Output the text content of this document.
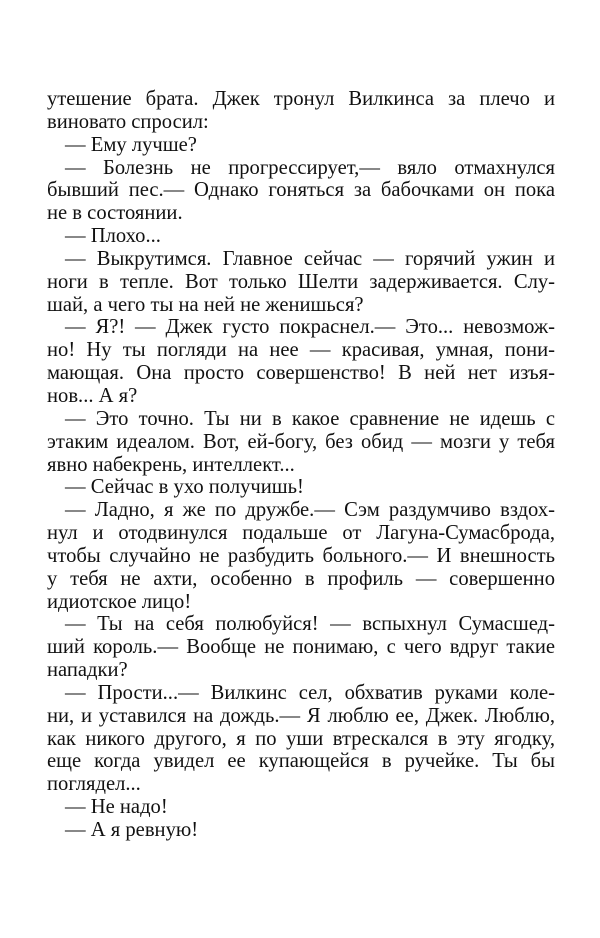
утешение брата. Джек тронул Вилкинса за плечо и
виновато спросил:
— Ему лучше?
— Болезнь не прогрессирует,— вяло отмахнулся
бывший пес.— Однако гоняться за бабочками он пока
не в состоянии.
— Плохо...
— Выкрутимся. Главное сейчас — горячий ужин и
ноги в тепле. Вот только Шелти задерживается. Слу-
шай, а чего ты на ней не женишься?
— Я?! — Джек густо покраснел.— Это... невозмож-
но! Ну ты погляди на нее — красивая, умная, пони-
мающая. Она просто совершенство! В ней нет изъя-
нов... А я?
— Это точно. Ты ни в какое сравнение не идешь с
этаким идеалом. Вот, ей-богу, без обид — мозги у тебя
явно набекрень, интеллект...
— Сейчас в ухо получишь!
— Ладно, я же по дружбе.— Сэм раздумчиво вздох-
нул и отодвинулся подальше от Лагуна-Сумасброда,
чтобы случайно не разбудить больного.— И внешность
у тебя не ахти, особенно в профиль — совершенно
идиотское лицо!
— Ты на себя полюбуйся! — вспыхнул Сумасшед-
ший король.— Вообще не понимаю, с чего вдруг такие
нападки?
— Прости...— Вилкинс сел, обхватив руками коле-
ни, и уставился на дождь.— Я люблю ее, Джек. Люблю,
как никого другого, я по уши втрескался в эту ягодку,
еще когда увидел ее купающейся в ручейке. Ты бы
поглядел...
— Не надо!
— А я ревную!
